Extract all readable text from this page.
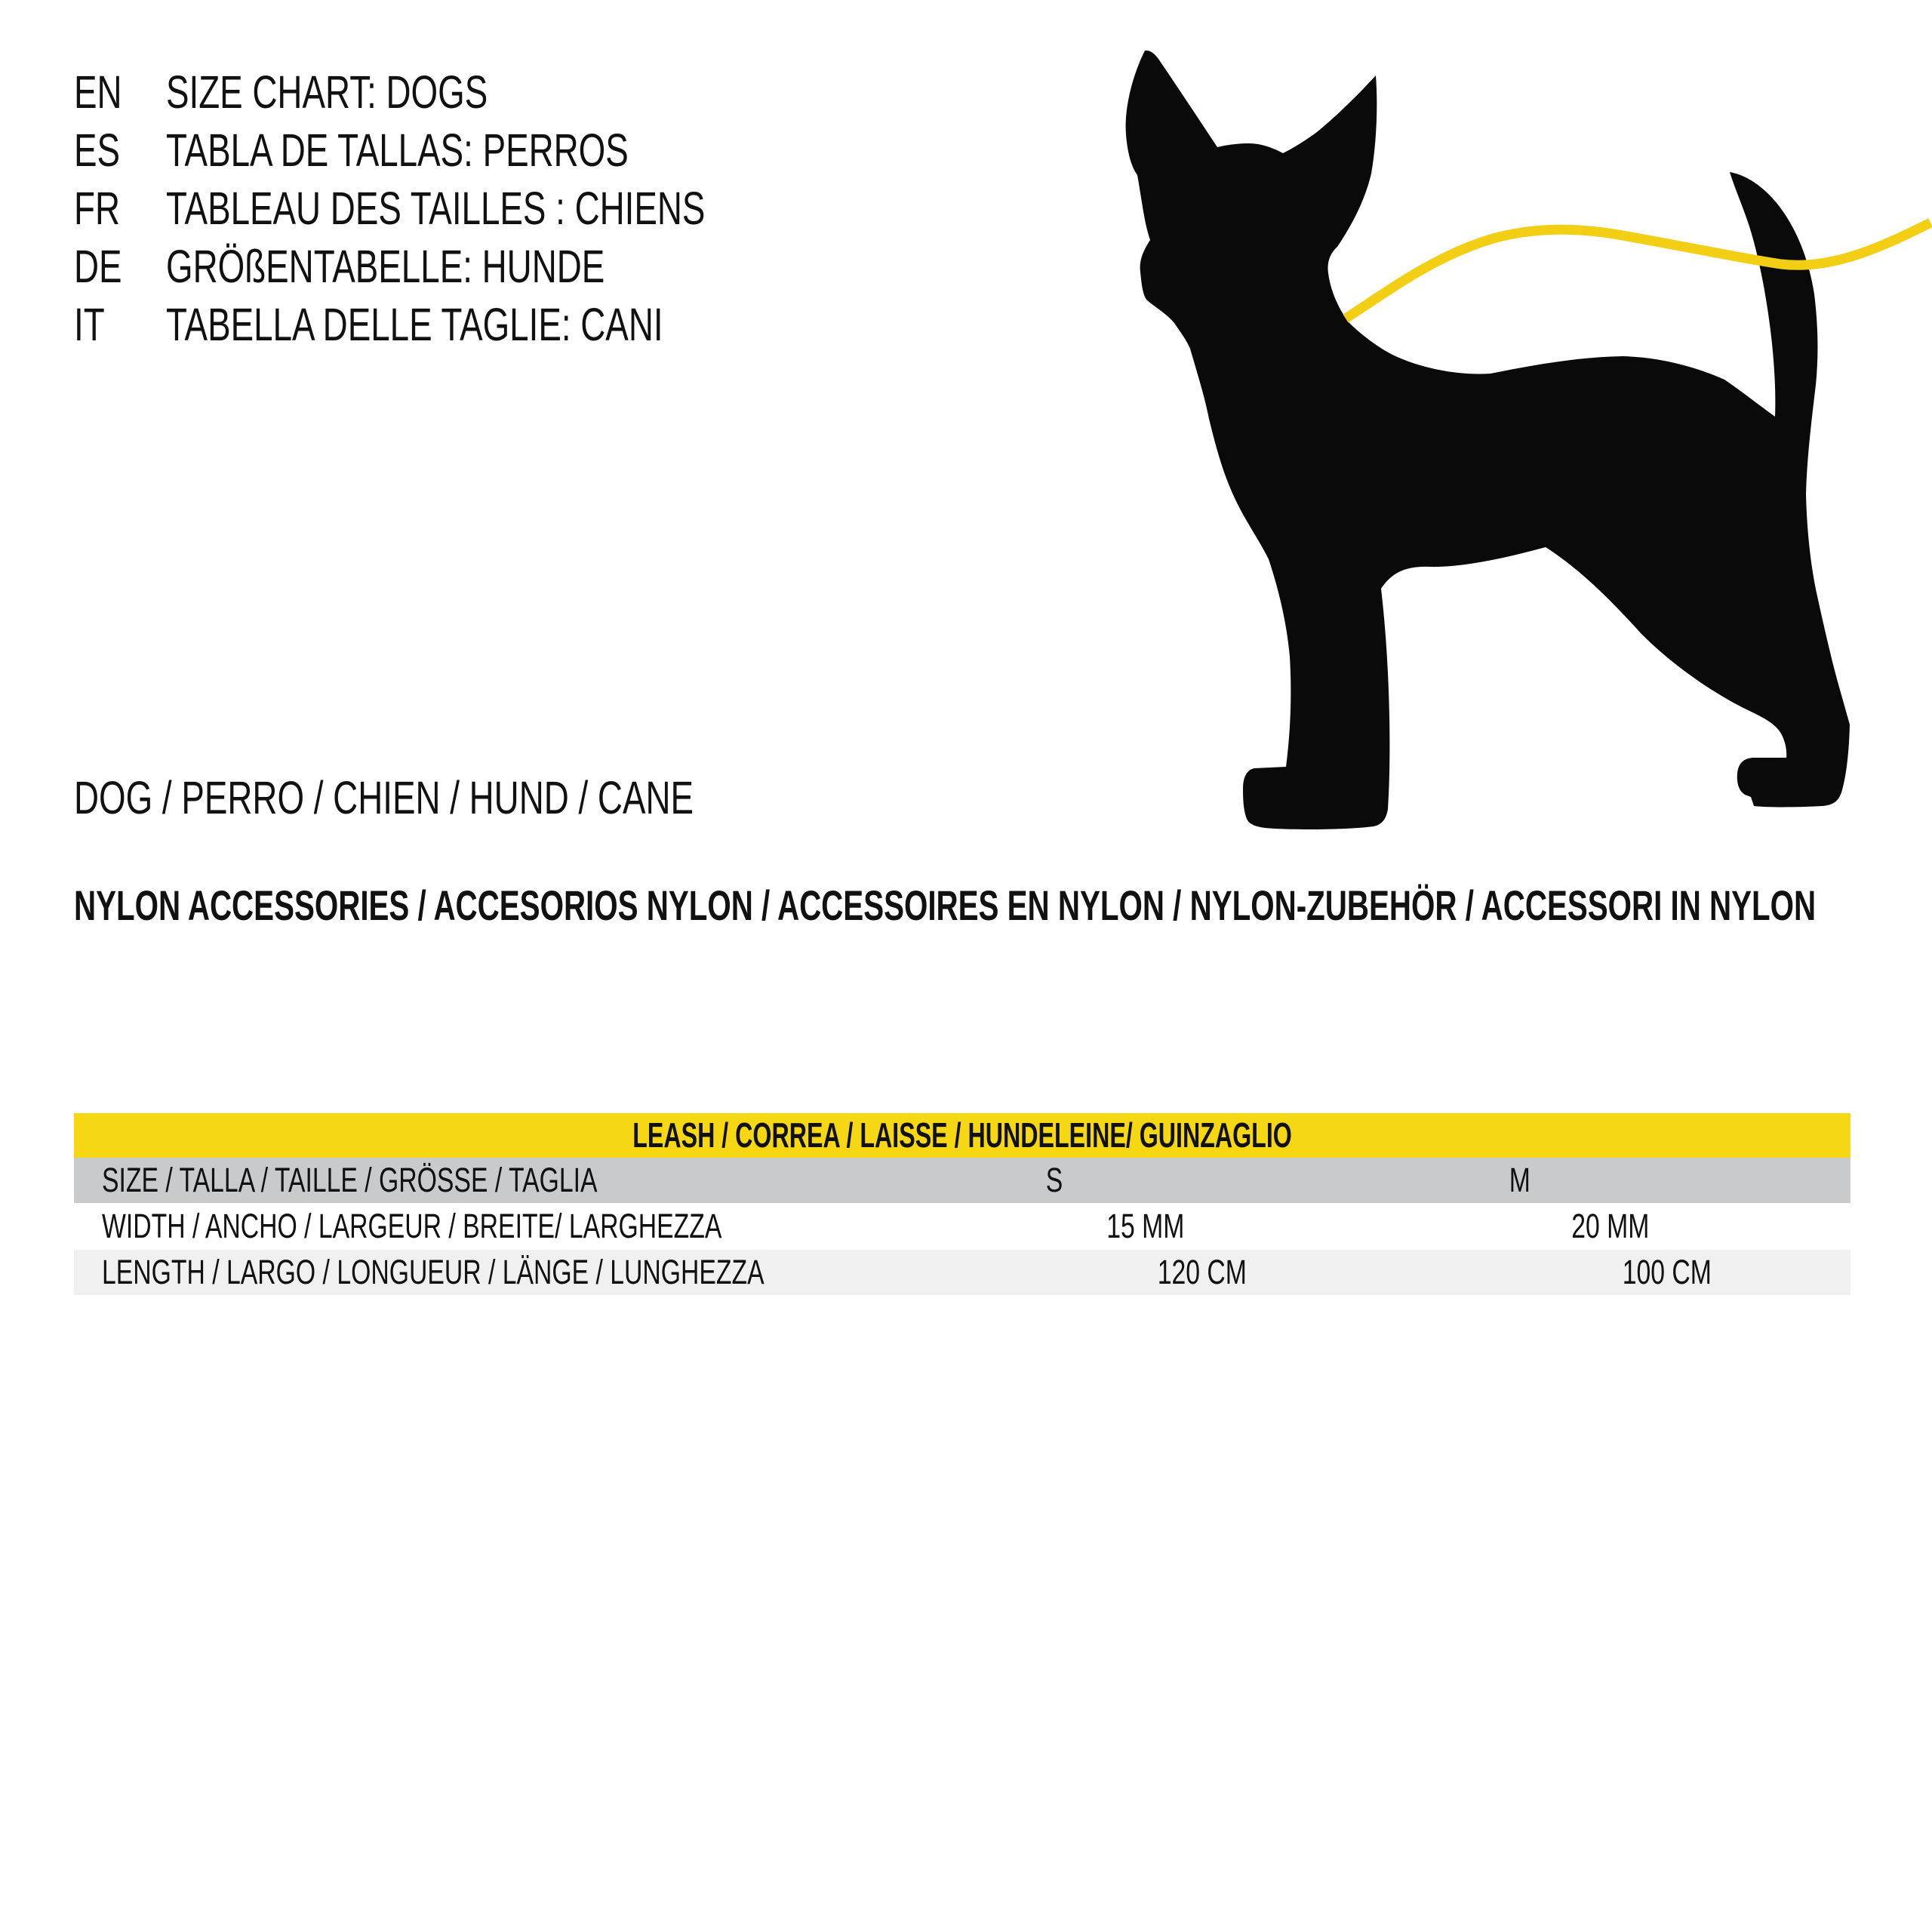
EN SIZE CHART: DOGS
ES TABLA DE TALLAS: PERROS
FR	TABLEAU DES TAILLES : CHIENS
DE GRÖßENTABELLE: HUNDE
IT	TABELLA DELLE TAGLIE: CANI
DOG / PERRO / CHIEN / HUND / CANE
NYLON ACCESSORIES / ACCESORIOS NYLON / ACCESSOIRES EN NYLON / NYLON-ZUBEHÖR / ACCESSORI IN NYLON
LEASH / CORREA / LAISSE / HUNDELEINE/ GUINZAGLIO
SIZE / TALLA / TAILLE / GRÖSSE / TAGLIA	S	M
WIDTH / ANCHO / LARGEUR / BREITE/ LARGHEZZA	15 MM	20 MM
LENGTH / LARGO / LONGUEUR / LÄNGE / LUNGHEZZA	120 CM	100 CM
